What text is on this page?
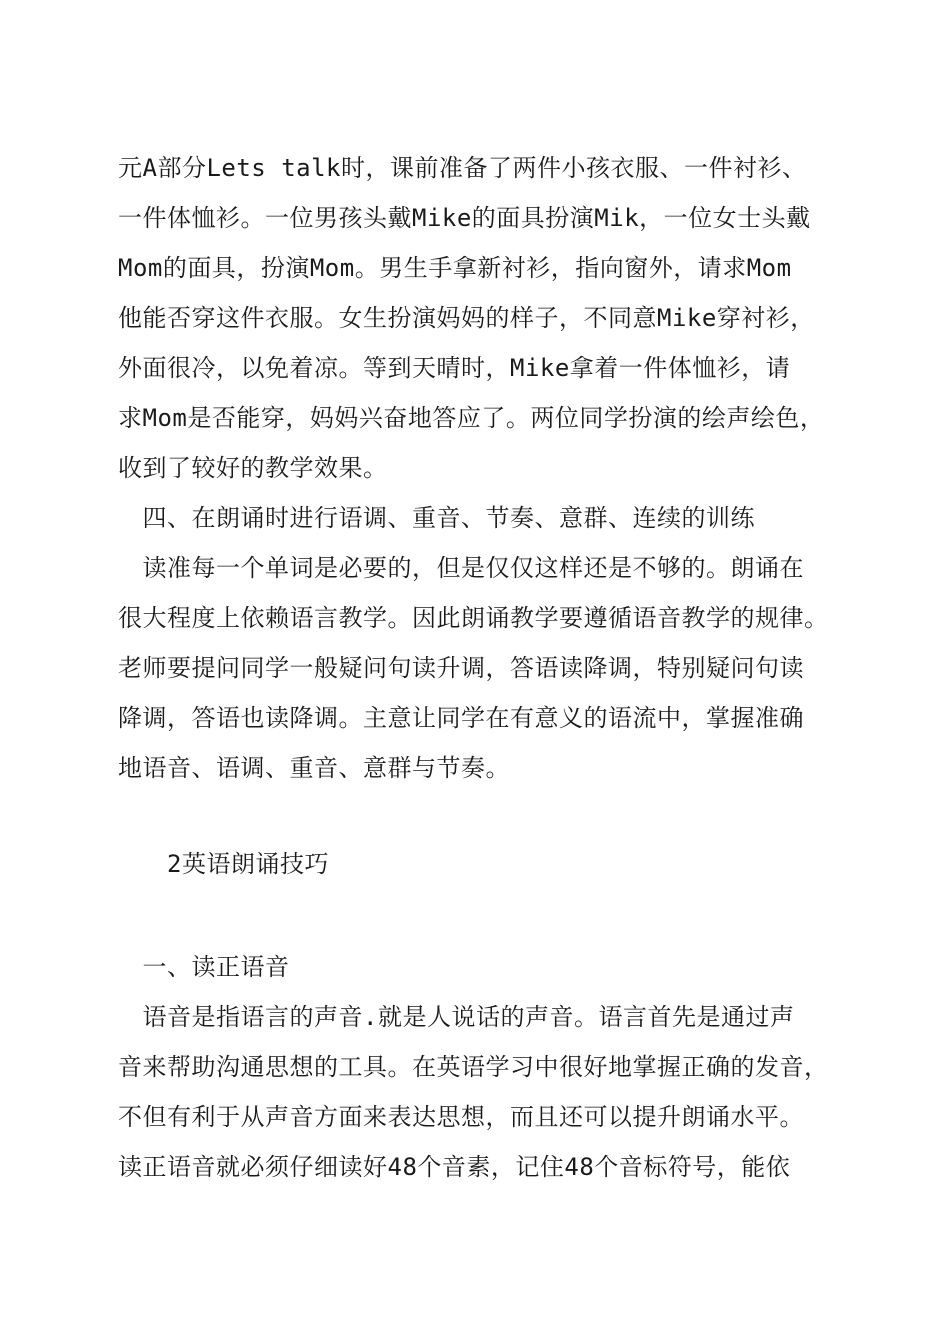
元A部分Lets talk时，课前准备了两件小孩衣服、一件衬衫、
一件体恤衫。一位男孩头戴Mike的面具扮演Mik，一位女士头戴
Mom的面具，扮演Mom。男生手拿新衬衫，指向窗外，请求Mom
他能否穿这件衣服。女生扮演妈妈的样子，不同意Mike穿衬衫，
外面很冷，以免着凉。等到天晴时，Mike拿着一件体恤衫，请
求Mom是否能穿，妈妈兴奋地答应了。两位同学扮演的绘声绘色，
收到了较好的教学效果。
　四、在朗诵时进行语调、重音、节奏、意群、连续的训练
　读准每一个单词是必要的，但是仅仅这样还是不够的。朗诵在
很大程度上依赖语言教学。因此朗诵教学要遵循语音教学的规律。
老师要提问同学一般疑问句读升调，答语读降调，特别疑问句读
降调，答语也读降调。主意让同学在有意义的语流中，掌握准确
地语音、语调、重音、意群与节奏。
　　2英语朗诵技巧
　一、读正语音
　语音是指语言的声音.就是人说话的声音。语言首先是通过声
音来帮助沟通思想的工具。在英语学习中很好地掌握正确的发音，
不但有利于从声音方面来表达思想，而且还可以提升朗诵水平。
读正语音就必须仔细读好48个音素，记住48个音标符号，能依
